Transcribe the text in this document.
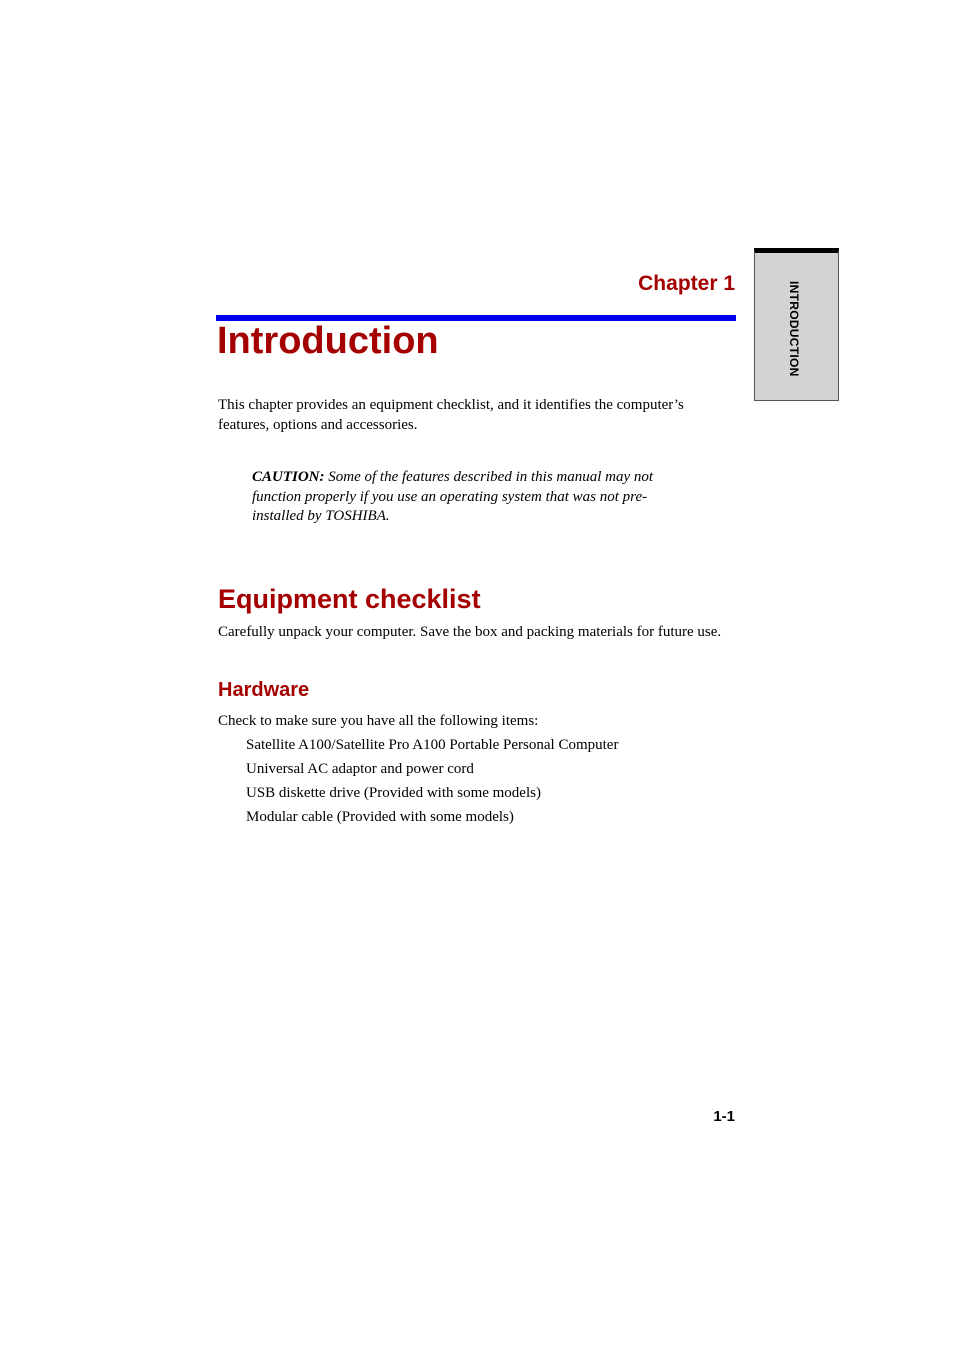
INTRODUCTION
Chapter 1
Introduction

This chapter provides an equipment checklist, and it identifies the computer’s features, options and accessories.

CAUTION: Some of the features described in this manual may not function properly if you use an operating system that was not pre-installed by TOSHIBA.

Equipment checklist

Carefully unpack your computer. Save the box and packing materials for future use.

Hardware

Check to make sure you have all the following items:

Satellite A100/Satellite Pro A100 Portable Personal Computer
Universal AC adaptor and power cord
USB diskette drive (Provided with some models)
Modular cable (Provided with some models)
1-1
